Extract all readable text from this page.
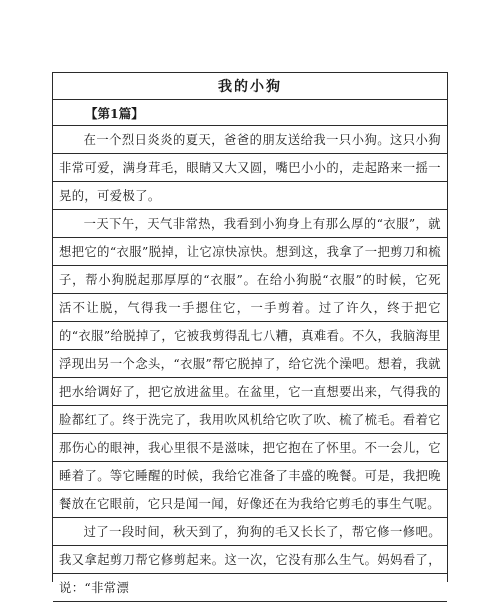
我的小狗
【第1篇】

在一个烈日炎炎的夏天，爸爸的朋友送给我一只小狗。这只小狗非常可爱，满身茸毛，眼睛又大又圆，嘴巴小小的，走起路来一摇一晃的，可爱极了。

一天下午，天气非常热，我看到小狗身上有那么厚的“衣服”，就想把它的“衣服”脱掉，让它凉快凉快。想到这，我拿了一把剪刀和梳子，帮小狗脱起那厚厚的“衣服”。在给小狗脱“衣服”的时候，它死活不让脱，气得我一手摁住它，一手剪着。过了许久，终于把它的“衣服”给脱掉了，它被我剪得乱七八糟，真难看。不久，我脑海里浮现出另一个念头，“衣服”帮它脱掉了，给它洗个澡吧。想着，我就把水给调好了，把它放进盆里。在盆里，它一直想要出来，气得我的脸都红了。终于洗完了，我用吹风机给它吹了吹、梳了梳毛。看着它那伤心的眼神，我心里很不是滋味，把它抱在了怀里。不一会儿，它睡着了。等它睡醒的时候，我给它准备了丰盛的晚餐。可是，我把晚餐放在它眼前，它只是闻一闻，好像还在为我给它剪毛的事生气呢。

过了一段时间，秋天到了，狗狗的毛又长长了，帮它修一修吧。我又拿起剪刀帮它修剪起来。这一次，它没有那么生气。妈妈看了，说：“非常漂
